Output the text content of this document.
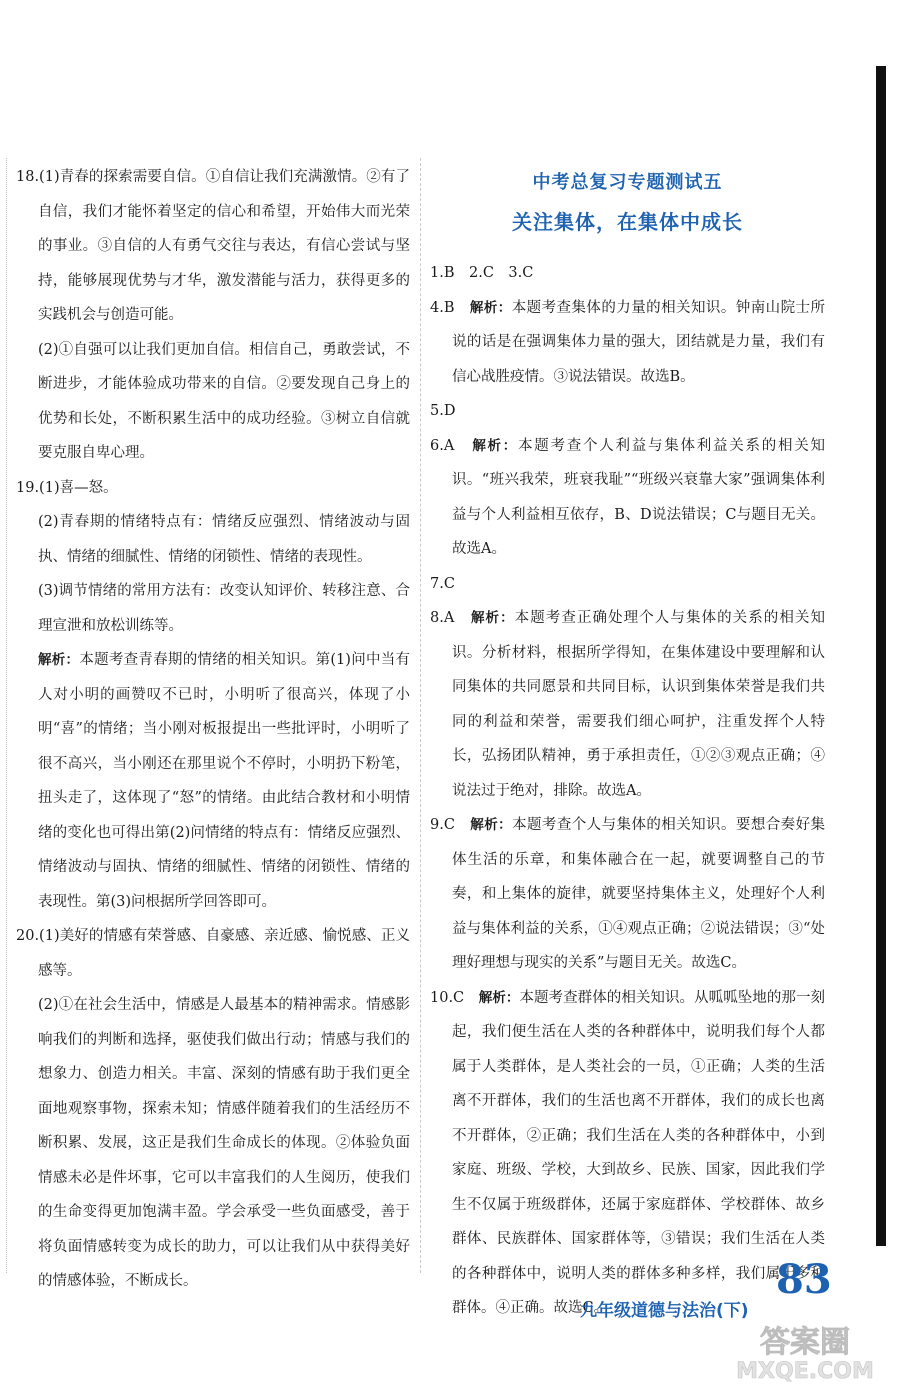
18.(1)青春的探索需要自信。①自信让我们充满激情。②有了自信，我们才能怀着坚定的信心和希望，开始伟大而光荣的事业。③自信的人有勇气交往与表达，有信心尝试与坚持，能够展现优势与才华，激发潜能与活力，获得更多的实践机会与创造可能。

(2)①自强可以让我们更加自信。相信自己，勇敢尝试，不断进步，才能体验成功带来的自信。②要发现自己身上的优势和长处，不断积累生活中的成功经验。③树立自信就要克服自卑心理。

19.(1)喜—怒。

(2)青春期的情绪特点有：情绪反应强烈、情绪波动与固执、情绪的细腻性、情绪的闭锁性、情绪的表现性。

(3)调节情绪的常用方法有：改变认知评价、转移注意、合理宣泄和放松训练等。

解析：本题考查青春期的情绪的相关知识。第(1)问中当有人对小明的画赞叹不已时，小明听了很高兴，体现了小明“喜”的情绪；当小刚对板报提出一些批评时，小明听了很不高兴，当小刚还在那里说个不停时，小明扔下粉笔，扭头走了，这体现了“怒”的情绪。由此结合教材和小明情绪的变化也可得出第(2)问情绪的特点有：情绪反应强烈、情绪波动与固执、情绪的细腻性、情绪的闭锁性、情绪的表现性。第(3)问根据所学回答即可。

20.(1)美好的情感有荣誉感、自豪感、亲近感、愉悦感、正义感等。

(2)①在社会生活中，情感是人最基本的精神需求。情感影响我们的判断和选择，驱使我们做出行动；情感与我们的想象力、创造力相关。丰富、深刻的情感有助于我们更全面地观察事物，探索未知；情感伴随着我们的生活经历不断积累、发展，这正是我们生命成长的体现。②体验负面情感未必是件坏事，它可以丰富我们的人生阅历，使我们的生命变得更加饱满丰盈。学会承受一些负面感受，善于将负面情感转变为成长的助力，可以让我们从中获得美好的情感体验，不断成长。

中考总复习专题测试五
关注集体，在集体中成长

1.B　2.C　3.C

4.B　解析：本题考查集体的力量的相关知识。钟南山院士所说的话是在强调集体力量的强大，团结就是力量，我们有信心战胜疫情。③说法错误。故选B。

5.D

6.A　解析：本题考查个人利益与集体利益关系的相关知识。“班兴我荣，班衰我耻”“班级兴衰靠大家”强调集体利益与个人利益相互依存，B、D说法错误；C与题目无关。故选A。

7.C

8.A　解析：本题考查正确处理个人与集体的关系的相关知识。分析材料，根据所学得知，在集体建设中要理解和认同集体的共同愿景和共同目标，认识到集体荣誉是我们共同的利益和荣誉，需要我们细心呵护，注重发挥个人特长，弘扬团队精神，勇于承担责任，①②③观点正确；④说法过于绝对，排除。故选A。

9.C　解析：本题考查个人与集体的相关知识。要想合奏好集体生活的乐章，和集体融合在一起，就要调整自己的节奏，和上集体的旋律，就要坚持集体主义，处理好个人利益与集体利益的关系，①④观点正确；②说法错误；③“处理好理想与现实的关系”与题目无关。故选C。

10.C　解析：本题考查群体的相关知识。从呱呱坠地的那一刻起，我们便生活在人类的各种群体中，说明我们每个人都属于人类群体，是人类社会的一员，①正确；人类的生活离不开群体，我们的生活也离不开群体，我们的成长也离不开群体，②正确；我们生活在人类的各种群体中，小到家庭、班级、学校，大到故乡、民族、国家，因此我们学生不仅属于班级群体，还属于家庭群体、学校群体、故乡群体、民族群体、国家群体等，③错误；我们生活在人类的各种群体中，说明人类的群体多种多样，我们属于多种群体。④正确。故选C。

九年级道德与法治(下)
83
答案圈
MXQE.COM
